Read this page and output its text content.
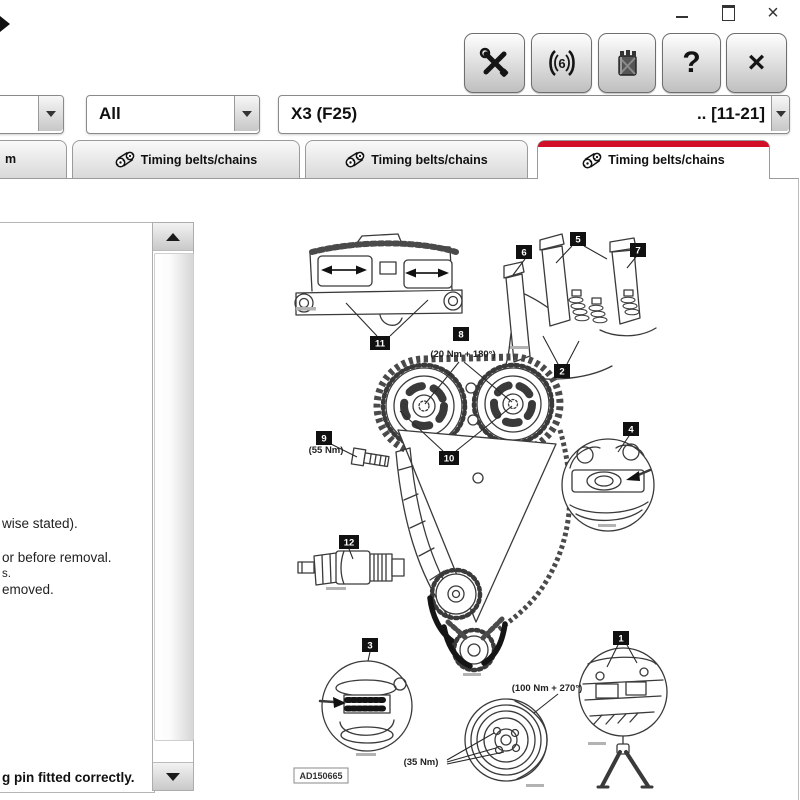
×
6	? ×
All	X3 (F25)	.. [11-21]
m	Timing belts/chains	Timing belts/chains	Timing belts/chains
wise stated).
or before removal.
s.
emoved.
g pin fitted correctly.
(20 Nm + 180°)
(55 Nm)
(100 Nm + 270°)
(35 Nm)
AD150665
1
2
3
4
5
6	7
8
9
10
11
12
